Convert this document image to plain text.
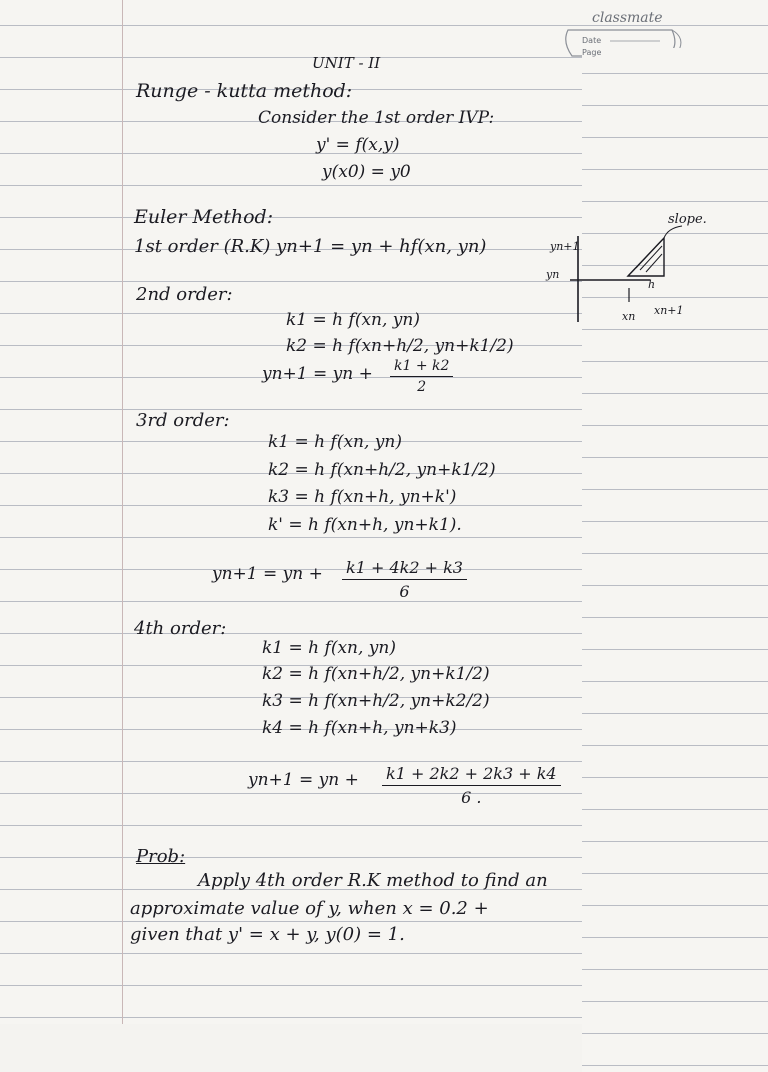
classmate
Date
Page
UNIT - II
Runge - kutta method:
Consider the 1st order IVP:
y' = f(x,y)
y(x0) = y0
Euler Method:
1st order (R.K) yn+1 = yn + hf(xn, yn)
slope.
yn+1
yn
h
xn xn+1
2nd order:
k1 = h f(xn, yn)
k2 = h f(xn+h/2, yn+k1/2)
yn+1 = yn + $\frac{k1 + k2}{2}$
3rd order:
k1 = h f(xn, yn)
k2 = h f(xn+h/2, yn+k1/2)
k3 = h f(xn+h, yn+k')
k' = h f(xn+h, yn+k1).
yn+1 = yn + $\frac{k1 + 4k2 + k3}{6}$
4th order:
k1 = h f(xn, yn)
k2 = h f(xn+h/2, yn+k1/2)
k3 = h f(xn+h/2, yn+k2/2)
k4 = h f(xn+h, yn+k3)
yn+1 = yn + $\frac{k1 + 2k2 + 2k3 + k4}{6 .}$
Prob:
Apply 4th order R.K method to find an
approximate value of y, when x = 0.2 +
given that y' = x + y, y(0) = 1.
